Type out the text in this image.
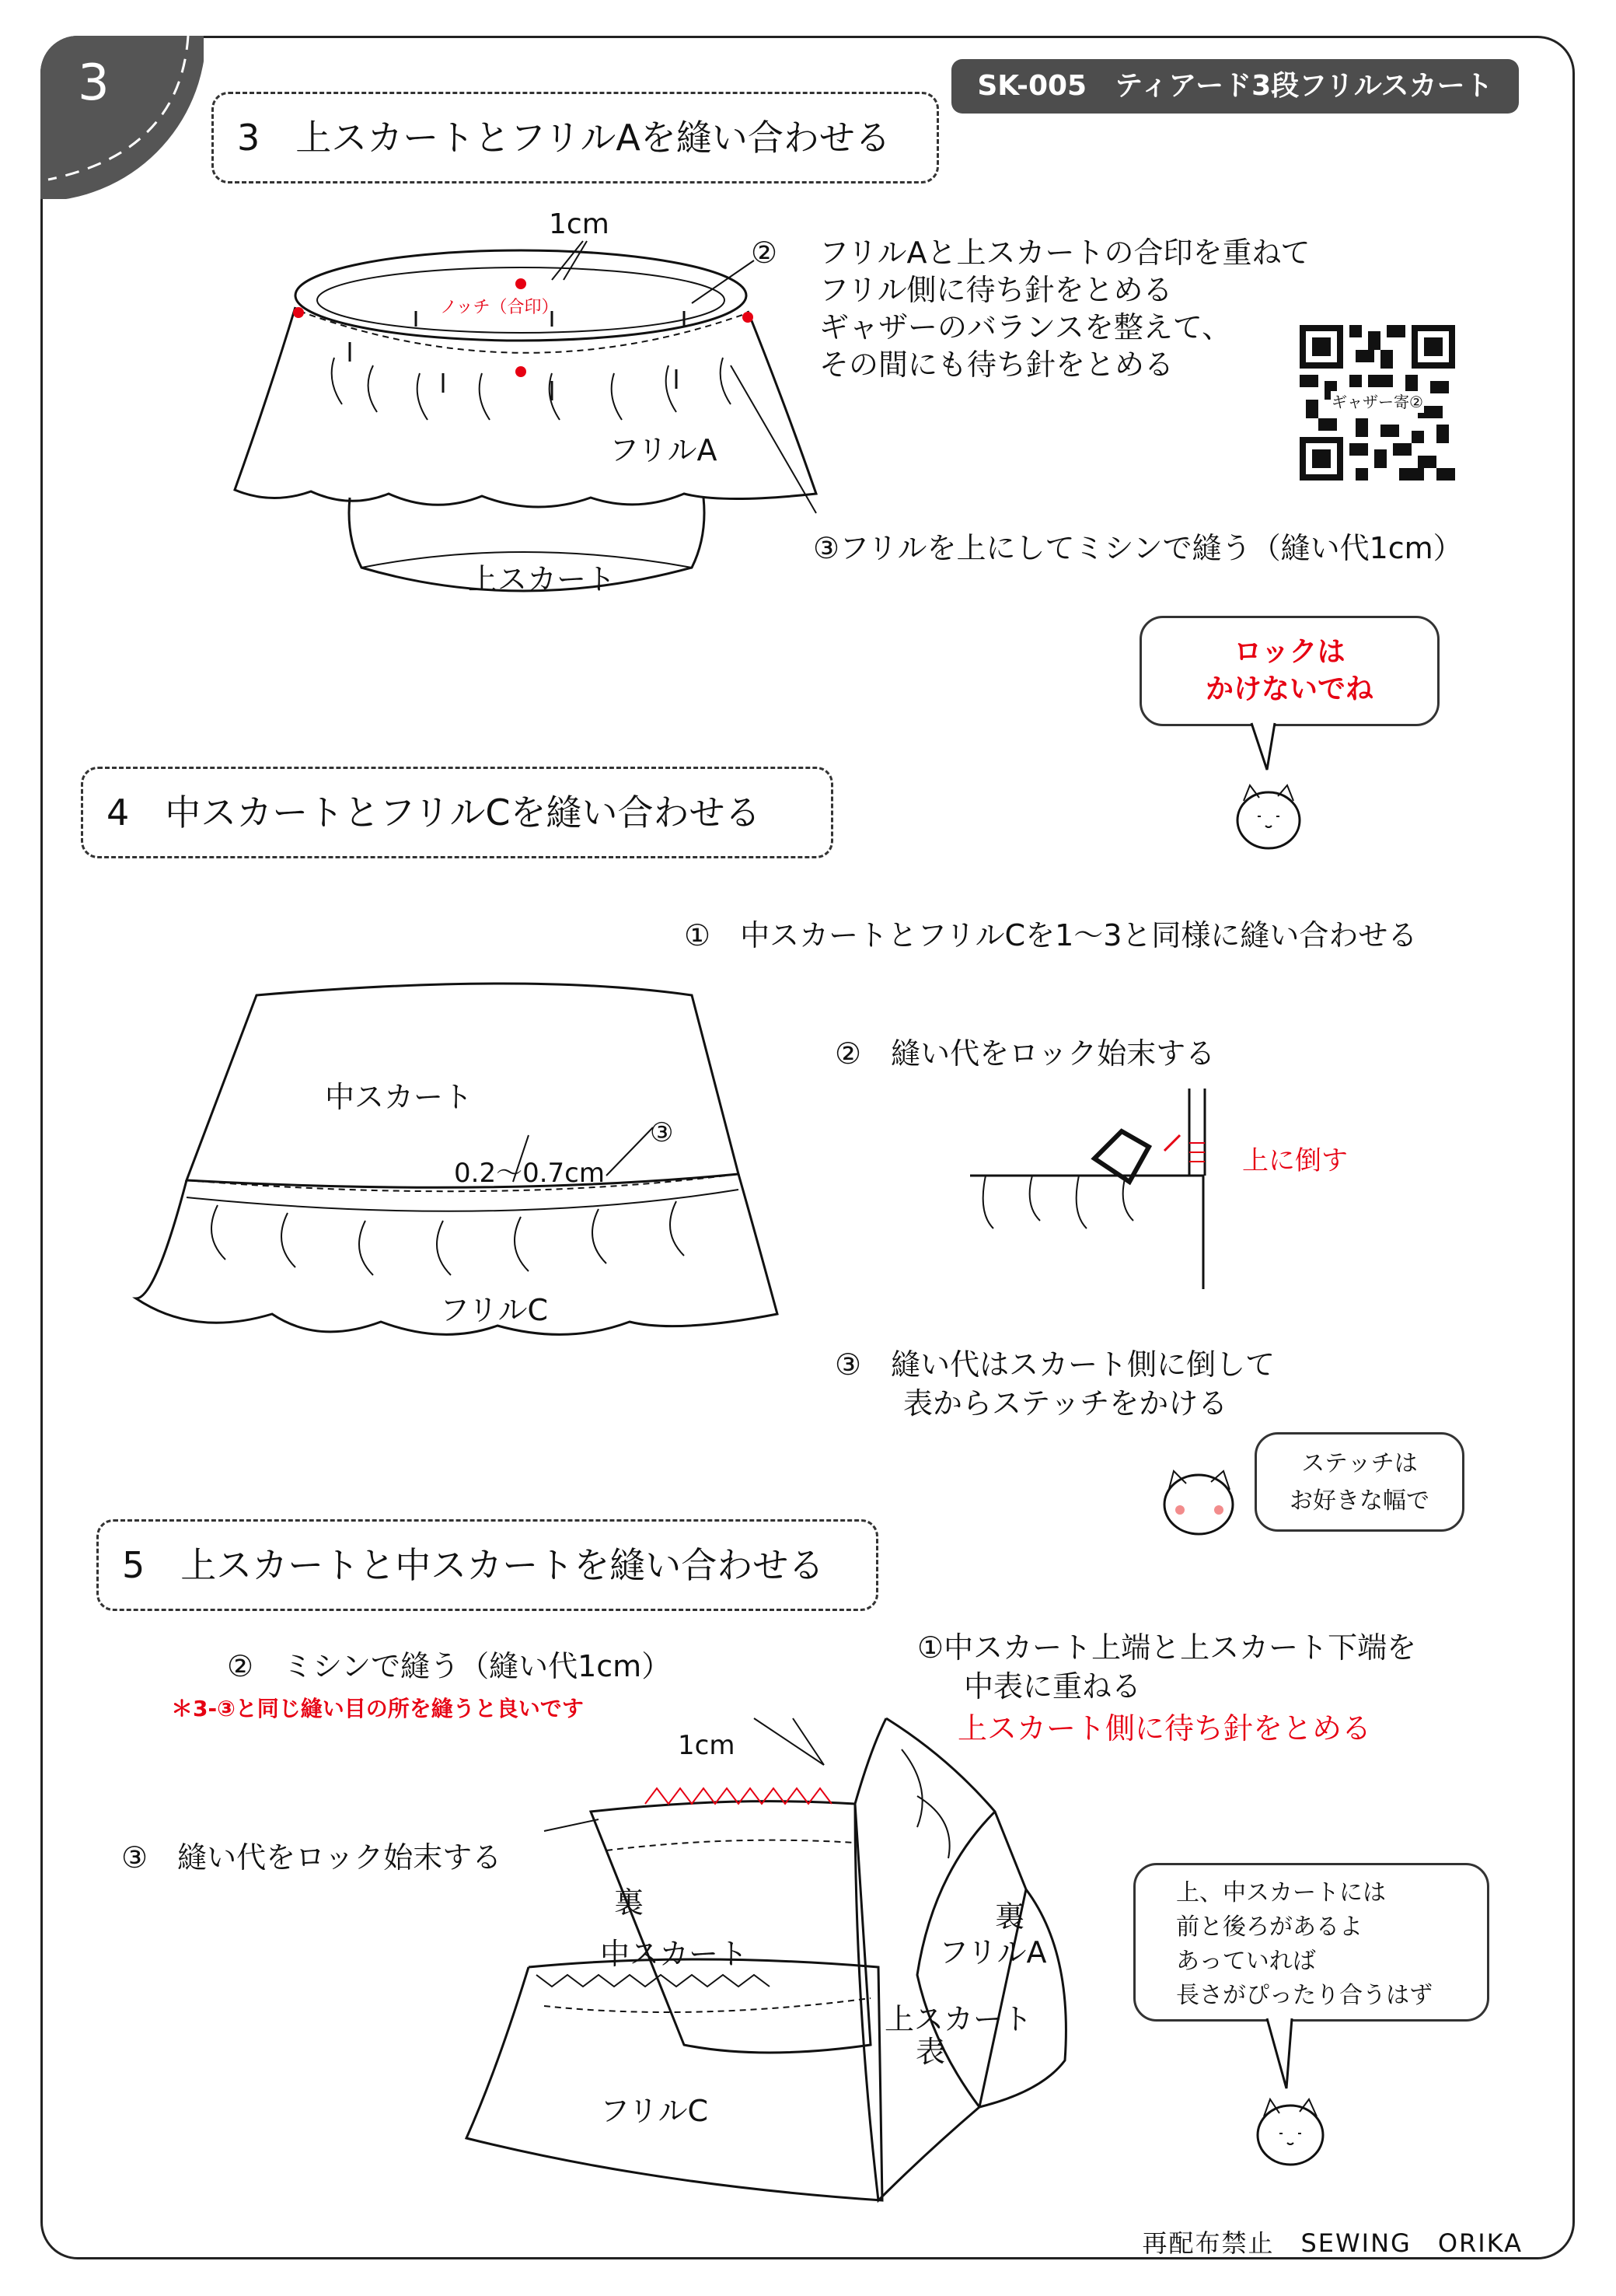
3	SK-005　ティアード3段フリルスカート
3　上スカートとフリルAを縫い合わせる
1cm
ノッチ（合印）
フリルA
上スカート
② フリルAと上スカートの合印を重ねて
フリル側に待ち針をとめる
ギャザーのバランスを整えて、
その間にも待ち針をとめる
ギャザー寄②
③フリルを上にしてミシンで縫う（縫い代1cm）
ロックは
かけないでね
4　中スカートとフリルCを縫い合わせる
①　中スカートとフリルCを1～3と同様に縫い合わせる
中スカート
0.2～0.7cm
③
フリルC
②　縫い代をロック始末する
上に倒す
③　縫い代はスカート側に倒して
表からステッチをかける
ステッチは
お好きな幅で
5　上スカートと中スカートを縫い合わせる
②　ミシンで縫う（縫い代1cm）
＊3-③と同じ縫い目の所を縫うと良いです
③　縫い代をロック始末する
①中スカート上端と上スカート下端を
中表に重ねる
上スカート側に待ち針をとめる
1cm
裏
中スカート
裏
フリルA
上スカート
表
フリルC
上、中スカートには
前と後ろがあるよ
あっていれば
長さがぴったり合うはず
再配布禁止　SEWING　ORIKA
